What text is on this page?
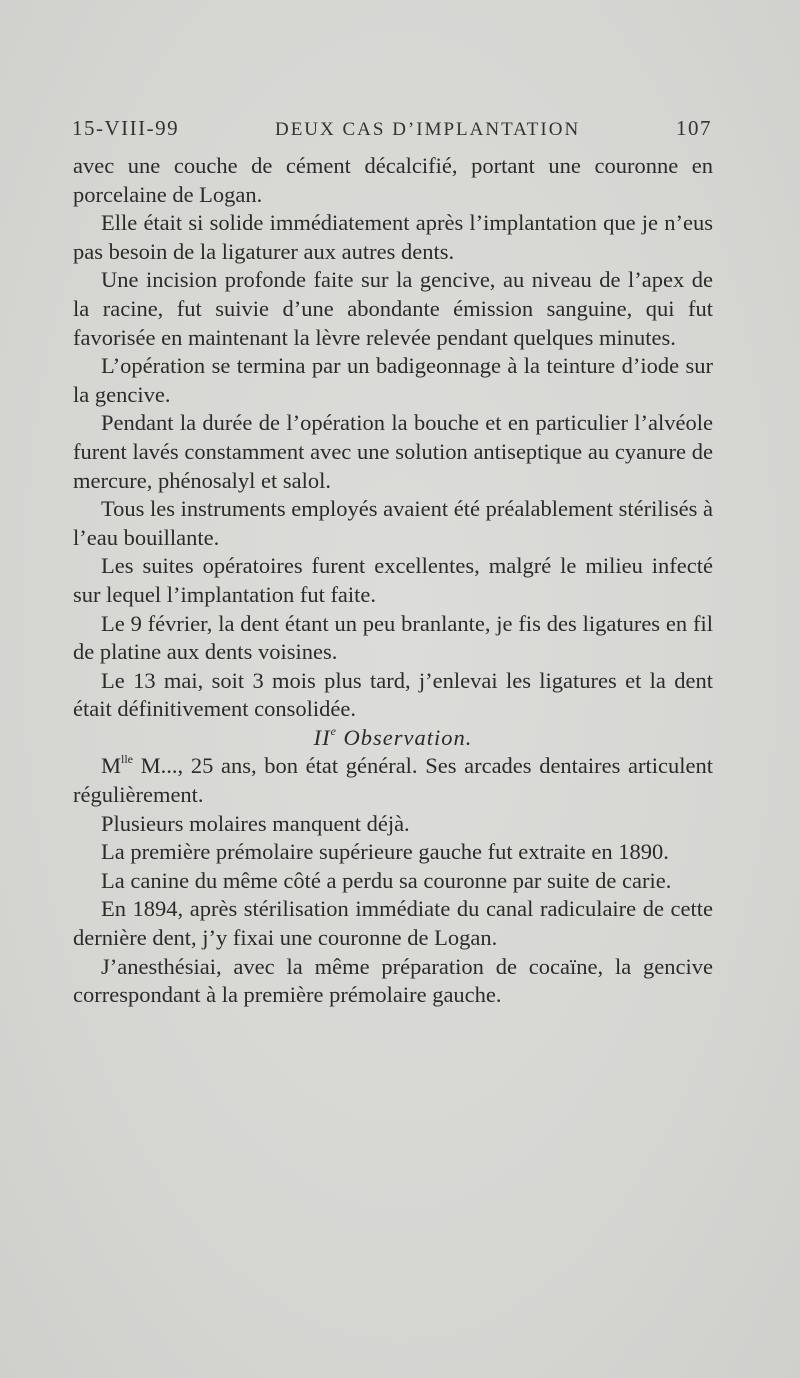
15-VIII-99	DEUX CAS D’IMPLANTATION	107

avec une couche de cément décalcifié, portant une couronne en porcelaine de Logan.

Elle était si solide immédiatement après l’implantation que je n’eus pas besoin de la ligaturer aux autres dents.

Une incision profonde faite sur la gencive, au niveau de l’apex de la racine, fut suivie d’une abondante émission sanguine, qui fut favorisée en maintenant la lèvre relevée pendant quelques minutes.

L’opération se termina par un badigeonnage à la teinture d’iode sur la gencive.

Pendant la durée de l’opération la bouche et en particulier l’alvéole furent lavés constamment avec une solution antiseptique au cyanure de mercure, phénosalyl et salol.

Tous les instruments employés avaient été préalablement stérilisés à l’eau bouillante.

Les suites opératoires furent excellentes, malgré le milieu infecté sur lequel l’implantation fut faite.

Le 9 février, la dent étant un peu branlante, je fis des ligatures en fil de platine aux dents voisines.

Le 13 mai, soit 3 mois plus tard, j’enlevai les ligatures et la dent était définitivement consolidée.

IIe Observation.

$M^{lle}$ M..., 25 ans, bon état général. Ses arcades dentaires articulent régulièrement.

Plusieurs molaires manquent déjà.

La première prémolaire supérieure gauche fut extraite en 1890.

La canine du même côté a perdu sa couronne par suite de carie.

En 1894, après stérilisation immédiate du canal radiculaire de cette dernière dent, j’y fixai une couronne de Logan.

J’anesthésiai, avec la même préparation de cocaïne, la gencive correspondant à la première prémolaire gauche.
